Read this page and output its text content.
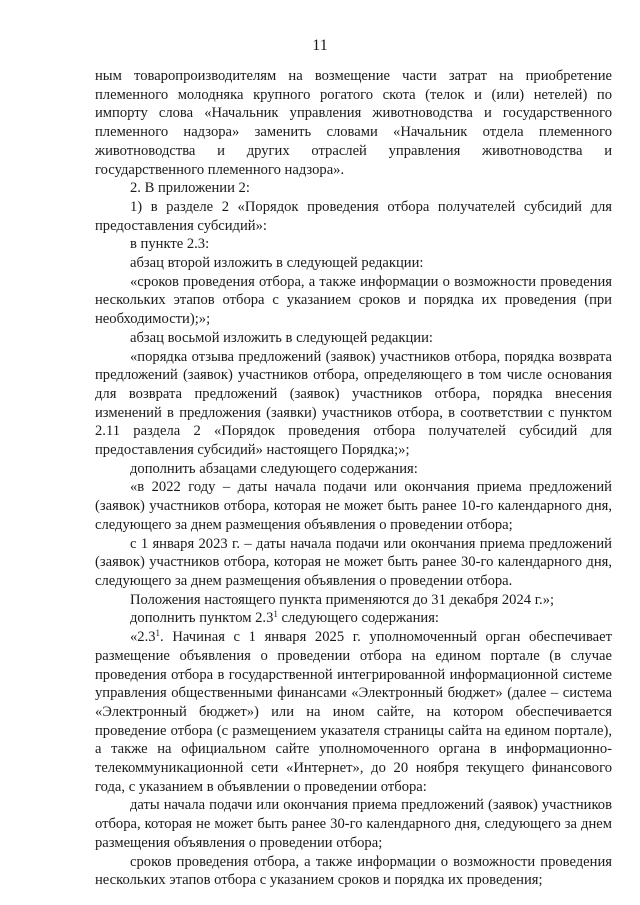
11

ным товаропроизводителям на возмещение части затрат на приобретение племенного молодняка крупного рогатого скота (телок и (или) нетелей) по импорту слова «Начальник управления животноводства и государственного племенного надзора» заменить словами «Начальник отдела племенного животноводства и других отраслей управления животноводства и государственного племенного надзора».

2. В приложении 2:

1) в разделе 2 «Порядок проведения отбора получателей субсидий для предоставления субсидий»:

в пункте 2.3:

абзац второй изложить в следующей редакции:

«сроков проведения отбора, а также информации о возможности проведения нескольких этапов отбора с указанием сроков и порядка их проведения (при необходимости);»;

абзац восьмой изложить в следующей редакции:

«порядка отзыва предложений (заявок) участников отбора, порядка возврата предложений (заявок) участников отбора, определяющего в том числе основания для возврата предложений (заявок) участников отбора, порядка внесения изменений в предложения (заявки) участников отбора, в соответствии с пунктом 2.11 раздела 2 «Порядок проведения отбора получателей субсидий для предоставления субсидий» настоящего Порядка;»;

дополнить абзацами следующего содержания:

«в 2022 году – даты начала подачи или окончания приема предложений (заявок) участников отбора, которая не может быть ранее 10-го календарного дня, следующего за днем размещения объявления о проведении отбора;

с 1 января 2023 г. – даты начала подачи или окончания приема предложений (заявок) участников отбора, которая не может быть ранее 30-го календарного дня, следующего за днем размещения объявления о проведении отбора.

Положения настоящего пункта применяются до 31 декабря 2024 г.»;

дополнить пунктом $2.3^1$ следующего содержания:

«$2.3^1$. Начиная с 1 января 2025 г. уполномоченный орган обеспечивает размещение объявления о проведении отбора на едином портале (в случае проведения отбора в государственной интегрированной информационной системе управления общественными финансами «Электронный бюджет» (далее – система «Электронный бюджет») или на ином сайте, на котором обеспечивается проведение отбора (с размещением указателя страницы сайта на едином портале), а также на официальном сайте уполномоченного органа в информационно-телекоммуникационной сети «Интернет», до 20 ноября текущего финансового года, с указанием в объявлении о проведении отбора:

даты начала подачи или окончания приема предложений (заявок) участников отбора, которая не может быть ранее 30-го календарного дня, следующего за днем размещения объявления о проведении отбора;

сроков проведения отбора, а также информации о возможности проведения нескольких этапов отбора с указанием сроков и порядка их проведения;
